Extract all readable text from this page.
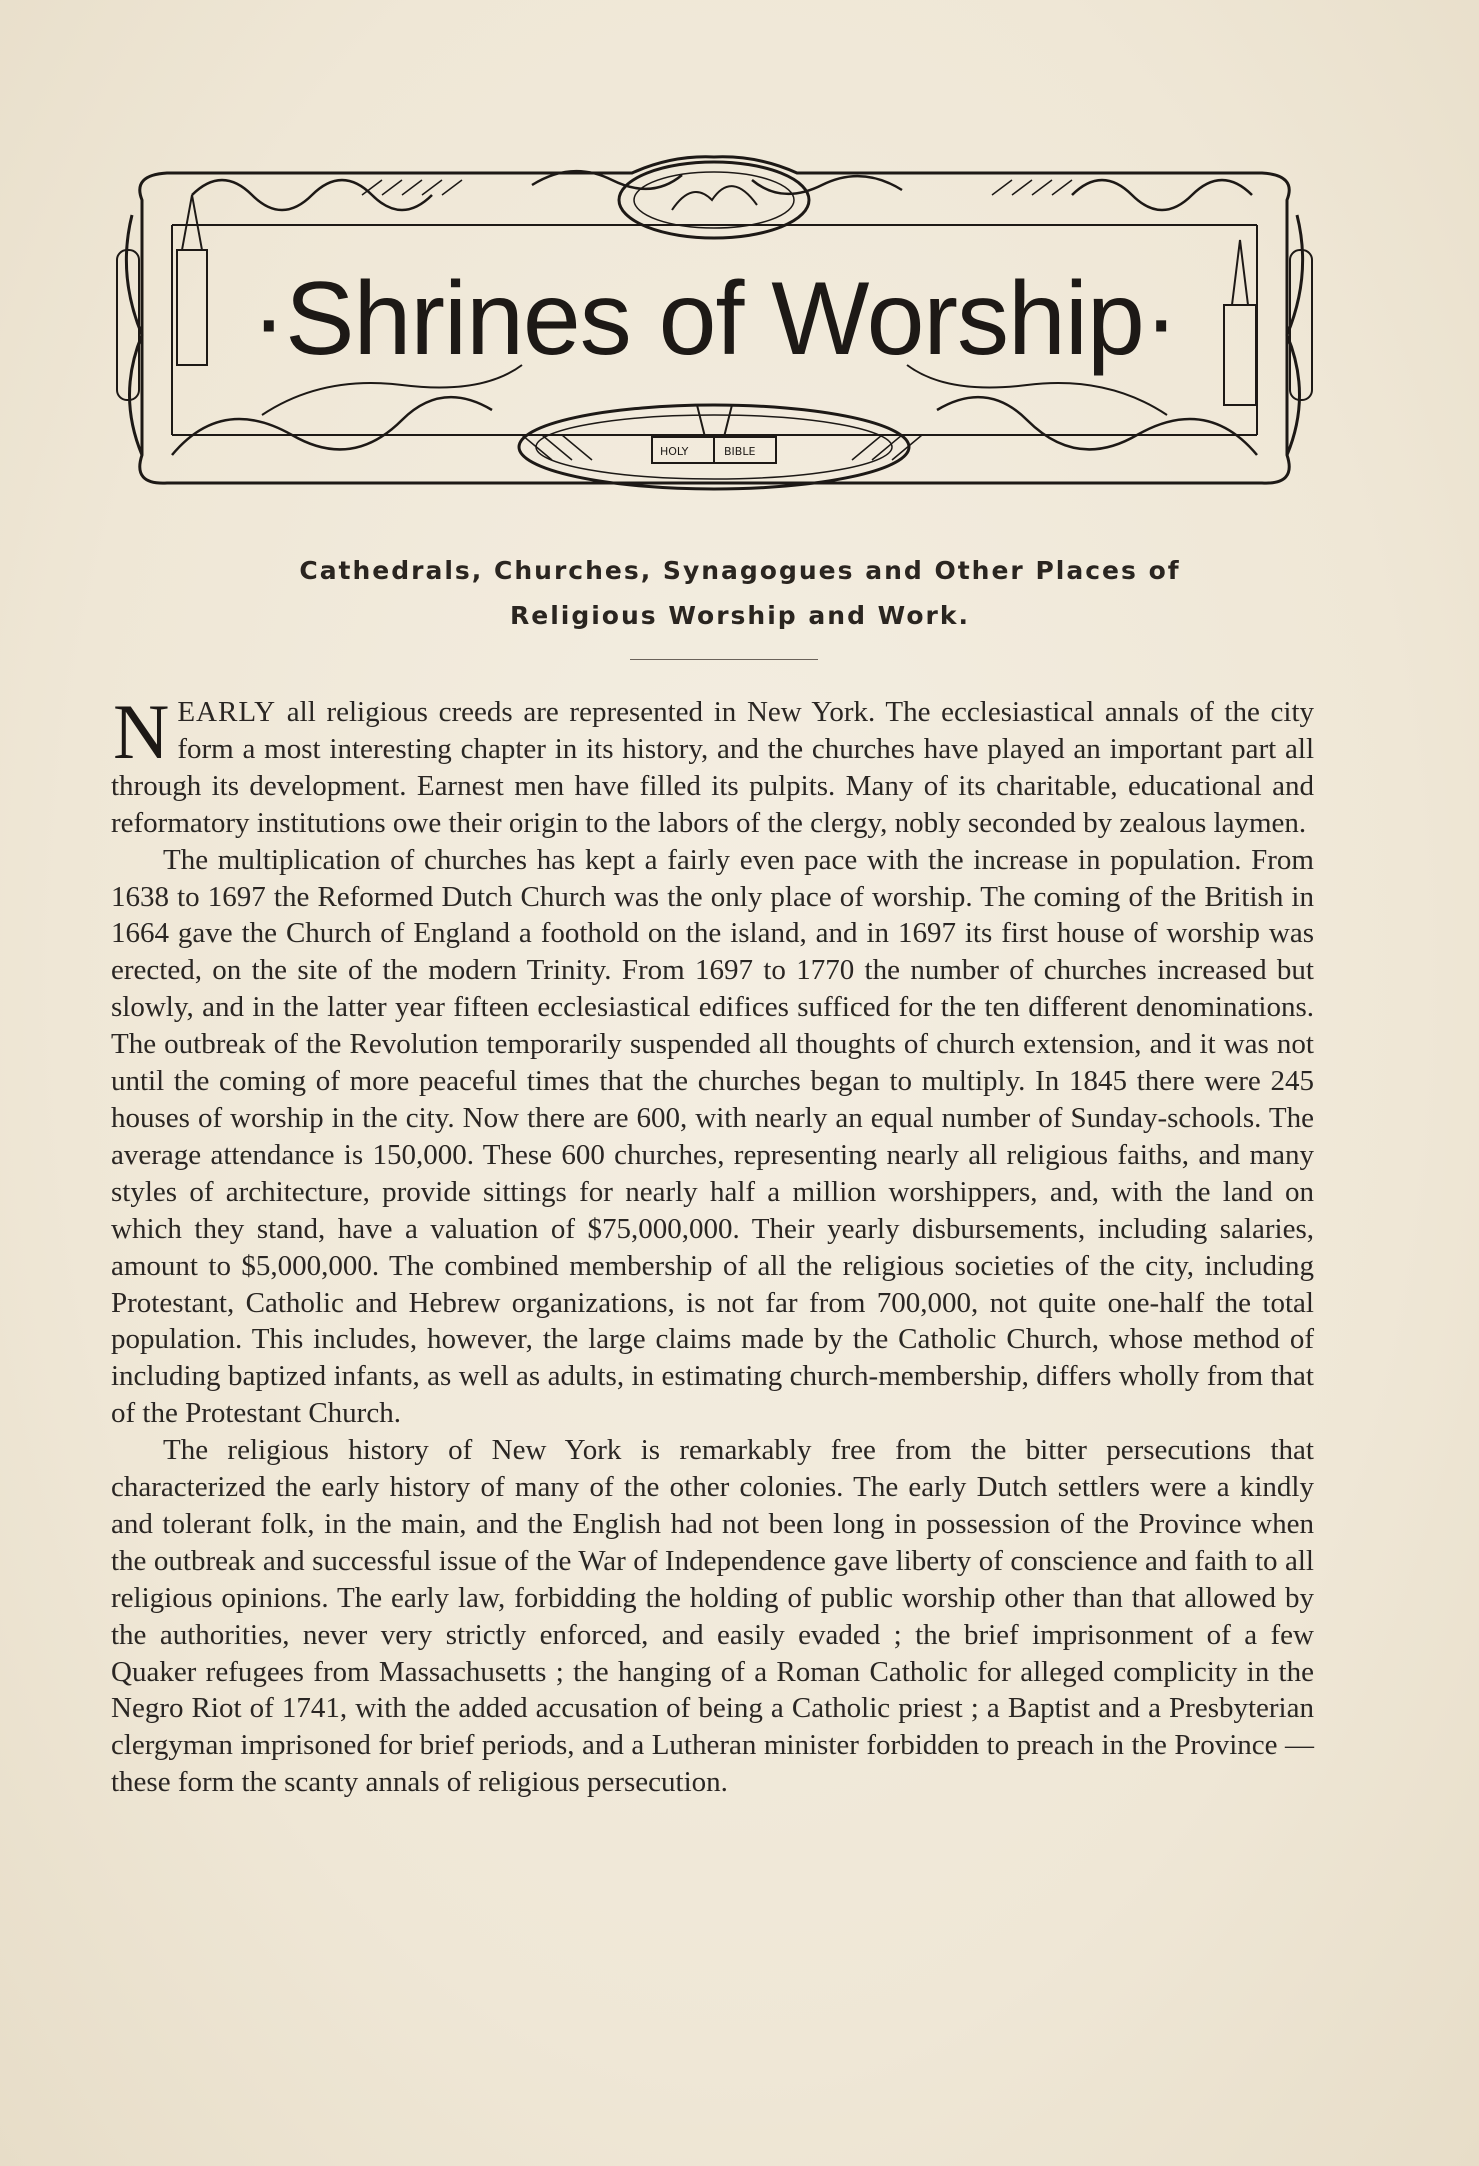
HOLY	BIBLE
·Shrines of Worship·
Cathedrals, Churches, Synagogues and Other Places of
Religious Worship and Work.

NEARLY all religious creeds are represented in New York. The ecclesiastical annals of the city form a most interesting chapter in its history, and the churches have played an important part all through its development. Earnest men have filled its pulpits. Many of its charitable, educational and reformatory institutions owe their origin to the labors of the clergy, nobly seconded by zealous laymen.

The multiplication of churches has kept a fairly even pace with the increase in population. From 1638 to 1697 the Reformed Dutch Church was the only place of worship. The coming of the British in 1664 gave the Church of England a foothold on the island, and in 1697 its first house of worship was erected, on the site of the modern Trinity. From 1697 to 1770 the number of churches increased but slowly, and in the latter year fifteen ecclesiastical edifices sufficed for the ten different denominations. The outbreak of the Revolution temporarily suspended all thoughts of church extension, and it was not until the coming of more peaceful times that the churches began to multiply. In 1845 there were 245 houses of worship in the city. Now there are 600, with nearly an equal number of Sunday-schools. The average attendance is 150,000. These 600 churches, representing nearly all religious faiths, and many styles of architecture, provide sittings for nearly half a million worshippers, and, with the land on which they stand, have a valuation of $75,000,000. Their yearly disbursements, including salaries, amount to $5,000,000. The combined membership of all the religious societies of the city, including Protestant, Catholic and Hebrew organizations, is not far from 700,000, not quite one-half the total population. This includes, however, the large claims made by the Catholic Church, whose method of including baptized infants, as well as adults, in estimating church-membership, differs wholly from that of the Protestant Church.

The religious history of New York is remarkably free from the bitter persecutions that characterized the early history of many of the other colonies. The early Dutch settlers were a kindly and tolerant folk, in the main, and the English had not been long in possession of the Province when the outbreak and successful issue of the War of Independence gave liberty of conscience and faith to all religious opinions. The early law, forbidding the holding of public worship other than that allowed by the authorities, never very strictly enforced, and easily evaded ; the brief imprisonment of a few Quaker refugees from Massachusetts ; the hanging of a Roman Catholic for alleged complicity in the Negro Riot of 1741, with the added accusation of being a Catholic priest ; a Baptist and a Presbyterian clergyman imprisoned for brief periods, and a Lutheran minister forbidden to preach in the Province — these form the scanty annals of religious persecution.
